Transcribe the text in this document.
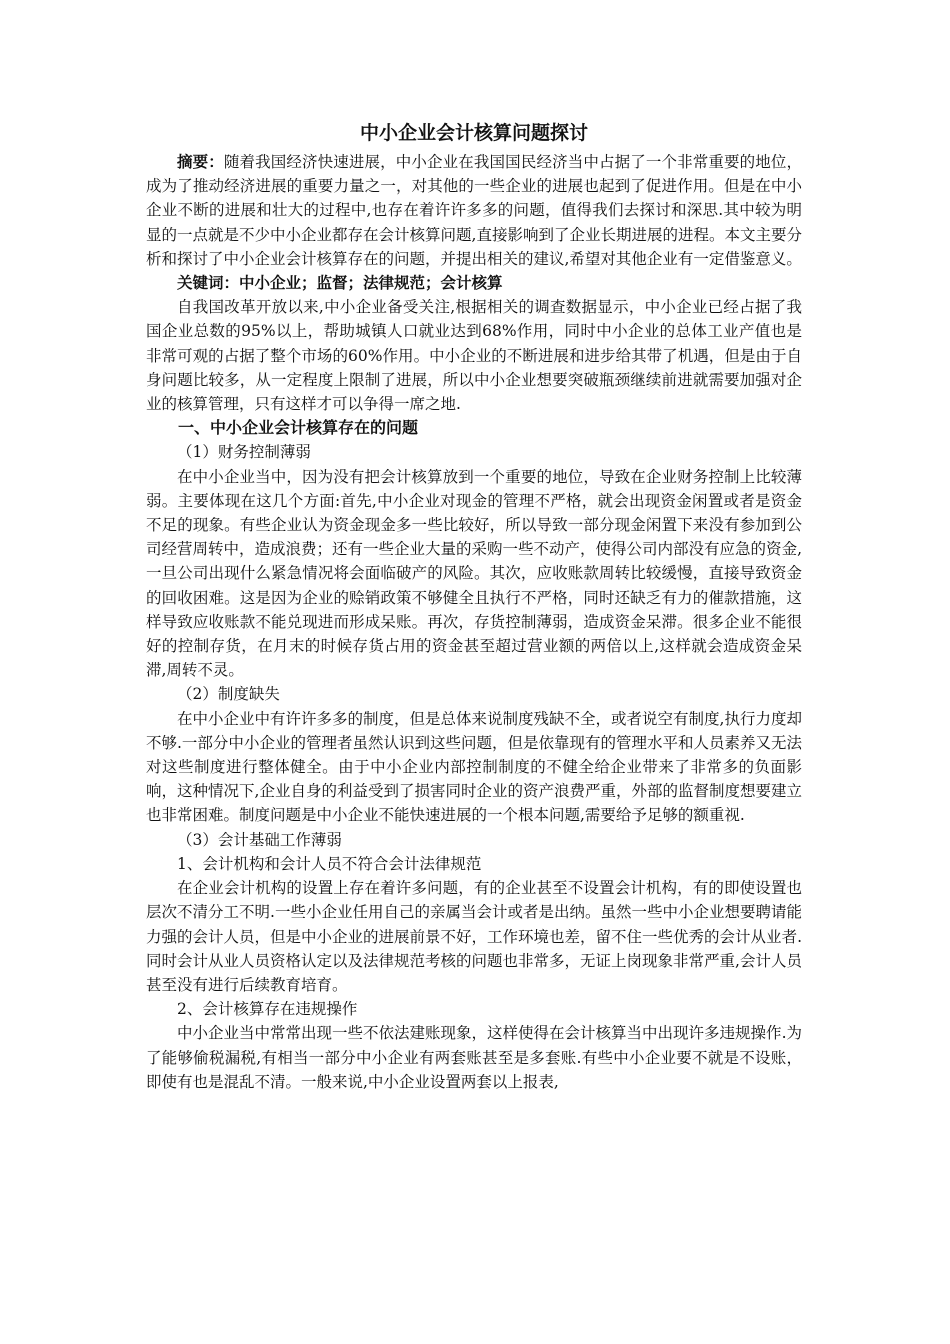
中小企业会计核算问题探讨

摘要：随着我国经济快速进展，中小企业在我国国民经济当中占据了一个非常重要的地位，成为了推动经济进展的重要力量之一，对其他的一些企业的进展也起到了促进作用。但是在中小企业不断的进展和壮大的过程中,也存在着许许多多的问题，值得我们去探讨和深思.其中较为明显的一点就是不少中小企业都存在会计核算问题,直接影响到了企业长期进展的进程。本文主要分析和探讨了中小企业会计核算存在的问题，并提出相关的建议,希望对其他企业有一定借鉴意义。

关键词：中小企业；监督；法律规范；会计核算

自我国改革开放以来,中小企业备受关注,根据相关的调查数据显示，中小企业已经占据了我国企业总数的95%以上，帮助城镇人口就业达到68%作用，同时中小企业的总体工业产值也是非常可观的占据了整个市场的60%作用。中小企业的不断进展和进步给其带了机遇，但是由于自身问题比较多，从一定程度上限制了进展，所以中小企业想要突破瓶颈继续前进就需要加强对企业的核算管理，只有这样才可以争得一席之地.

一、中小企业会计核算存在的问题

（1）财务控制薄弱

在中小企业当中，因为没有把会计核算放到一个重要的地位，导致在企业财务控制上比较薄弱。主要体现在这几个方面:首先,中小企业对现金的管理不严格，就会出现资金闲置或者是资金不足的现象。有些企业认为资金现金多一些比较好，所以导致一部分现金闲置下来没有参加到公司经营周转中，造成浪费；还有一些企业大量的采购一些不动产，使得公司内部没有应急的资金,一旦公司出现什么紧急情况将会面临破产的风险。其次，应收账款周转比较缓慢，直接导致资金的回收困难。这是因为企业的赊销政策不够健全且执行不严格，同时还缺乏有力的催款措施，这样导致应收账款不能兑现进而形成呆账。再次，存货控制薄弱，造成资金呆滞。很多企业不能很好的控制存货，在月末的时候存货占用的资金甚至超过营业额的两倍以上,这样就会造成资金呆滞,周转不灵。

（2）制度缺失

在中小企业中有许许多多的制度，但是总体来说制度残缺不全，或者说空有制度,执行力度却不够.一部分中小企业的管理者虽然认识到这些问题，但是依靠现有的管理水平和人员素养又无法对这些制度进行整体健全。由于中小企业内部控制制度的不健全给企业带来了非常多的负面影响，这种情况下,企业自身的利益受到了损害同时企业的资产浪费严重，外部的监督制度想要建立也非常困难。制度问题是中小企业不能快速进展的一个根本问题,需要给予足够的额重视.

（3）会计基础工作薄弱

1、会计机构和会计人员不符合会计法律规范

在企业会计机构的设置上存在着许多问题，有的企业甚至不设置会计机构，有的即使设置也层次不清分工不明.一些小企业任用自己的亲属当会计或者是出纳。虽然一些中小企业想要聘请能力强的会计人员，但是中小企业的进展前景不好，工作环境也差，留不住一些优秀的会计从业者.同时会计从业人员资格认定以及法律规范考核的问题也非常多，无证上岗现象非常严重,会计人员甚至没有进行后续教育培育。

2、会计核算存在违规操作

中小企业当中常常出现一些不依法建账现象，这样使得在会计核算当中出现许多违规操作.为了能够偷税漏税,有相当一部分中小企业有两套账甚至是多套账.有些中小企业要不就是不设账，即使有也是混乱不清。一般来说,中小企业设置两套以上报表,
